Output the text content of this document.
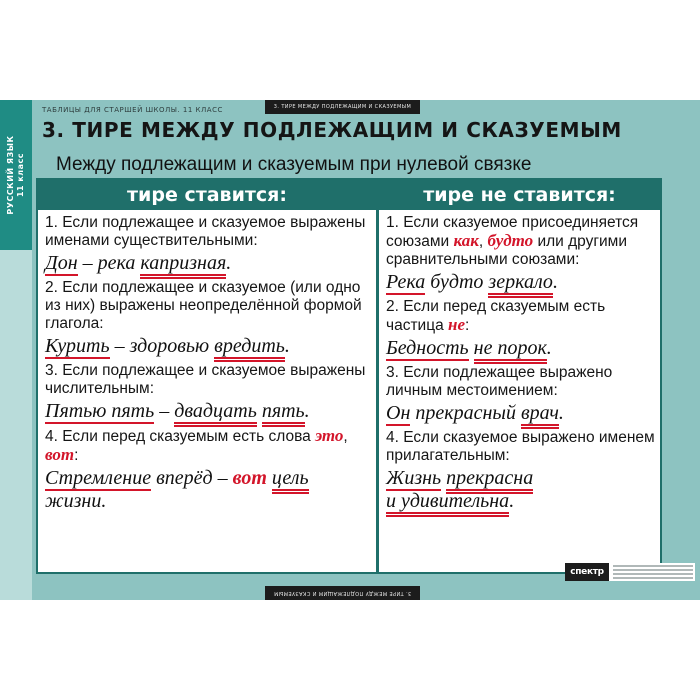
РУССКИЙ ЯЗЫК
11 класс
3. ТИРЕ МЕЖДУ ПОДЛЕЖАЩИМ И СКАЗУЕМЫМ
3. ТИРЕ МЕЖДУ ПОДЛЕЖАЩИМ И СКАЗУЕМЫМ
ТАБЛИЦЫ ДЛЯ СТАРШЕЙ ШКОЛЫ. 11 КЛАСС
3. ТИРЕ МЕЖДУ ПОДЛЕЖАЩИМ И СКАЗУЕМЫМ
Между подлежащим и сказуемым при нулевой связке
тире ставится:	тире не ставится:
1. Если подлежащее и сказуемое выражены именами существительными:
Дон – река капризная.
2. Если подлежащее и сказуемое (или одно из них) выражены неопределённой формой глагола:
Курить – здоровью вредить.
3. Если подлежащее и сказуемое выражены числительным:
Пятью пять – двадцать пять.
4. Если перед сказуемым есть слова это, вот:
Стремление вперёд – вот цель жизни.
1. Если сказуемое присоединяется союзами как, будто или другими сравнительными союзами:
Река будто зеркало.
2. Если перед сказуемым есть частица не:
Бедность не порок.
3. Если подлежащее выражено личным местоимением:
Он прекрасный врач.
4. Если сказуемое выражено именем прилагательным:
Жизнь прекрасна
и удивительна.
спектр
